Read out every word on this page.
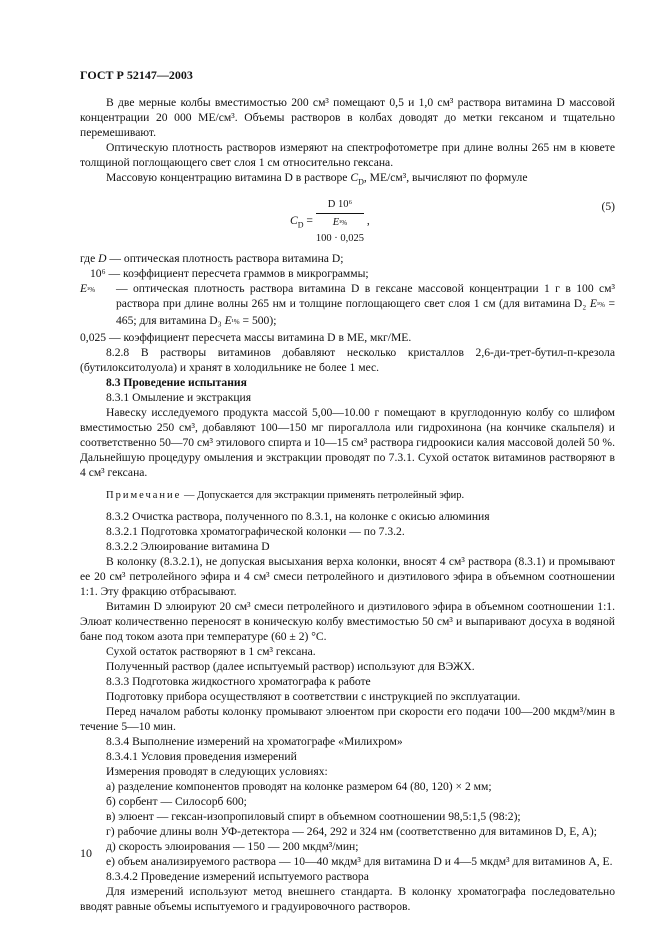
ГОСТ Р 52147—2003

В две мерные колбы вместимостью 200 см³ помещают 0,5 и 1,0 см³ раствора витамина D массовой концентрации 20 000 МЕ/см³. Объемы растворов в колбах доводят до метки гексаном и тщательно перемешивают.

Оптическую плотность растворов измеряют на спектрофотометре при длине волны 265 нм в кювете толщиной поглощающего свет слоя 1 см относительно гексана.

Массовую концентрацию витамина D в растворе $C_D$, МЕ/см³, вычисляют по формуле

$C_D$ =
D 10⁶
E¹%
100 · 0,025
,
(5)

где D — оптическая плотность раствора витамина D;

10⁶ — коэффициент пересчета граммов в микрограммы;

E¹% — оптическая плотность раствора витамина D в гексане массовой концентрации 1 г в 100 см³ раствора при длине волны 265 нм и толщине поглощающего свет слоя 1 см (для витамина D₂ E¹% = 465; для витамина D₃ E¹% = 500);

0,025 — коэффициент пересчета массы витамина D в МЕ, мкг/МЕ.

8.2.8 В растворы витаминов добавляют несколько кристаллов 2,6-ди-трет-бутил-п-крезола (бутилокситолуола) и хранят в холодильнике не более 1 мес.

8.3 Проведение испытания

8.3.1 Омыление и экстракция

Навеску исследуемого продукта массой 5,00—10.00 г помещают в круглодонную колбу со шлифом вместимостью 250 см³, добавляют 100—150 мг пирогаллола или гидрохинона (на кончике скальпеля) и соответственно 50—70 см³ этилового спирта и 10—15 см³ раствора гидроокиси калия массовой долей 50 %. Дальнейшую процедуру омыления и экстракции проводят по 7.3.1. Сухой остаток витаминов растворяют в 4 см³ гексана.

Примечание — Допускается для экстракции применять петролейный эфир.

8.3.2 Очистка раствора, полученного по 8.3.1, на колонке с окисью алюминия

8.3.2.1 Подготовка хроматографической колонки — по 7.3.2.

8.3.2.2 Элюирование витамина D

В колонку (8.3.2.1), не допуская высыхания верха колонки, вносят 4 см³ раствора (8.3.1) и промывают ее 20 см³ петролейного эфира и 4 см³ смеси петролейного и диэтилового эфира в объемном соотношении 1:1. Эту фракцию отбрасывают.

Витамин D элюируют 20 см³ смеси петролейного и диэтилового эфира в объемном соотношении 1:1. Элюат количественно переносят в коническую колбу вместимостью 50 см³ и выпаривают досуха в водяной бане под током азота при температуре (60 ± 2) °С.

Сухой остаток растворяют в 1 см³ гексана.

Полученный раствор (далее испытуемый раствор) используют для ВЭЖХ.

8.3.3 Подготовка жидкостного хроматографа к работе

Подготовку прибора осуществляют в соответствии с инструкцией по эксплуатации.

Перед началом работы колонку промывают элюентом при скорости его подачи 100—200 мкдм³/мин в течение 5—10 мин.

8.3.4 Выполнение измерений на хроматографе «Милихром»

8.3.4.1 Условия проведения измерений

Измерения проводят в следующих условиях:

а) разделение компонентов проводят на колонке размером 64 (80, 120) × 2 мм;

б) сорбент — Силосорб 600;

в) элюент — гексан-изопропиловый спирт в объемном соотношении 98,5:1,5 (98:2);

г) рабочие длины волн УФ-детектора — 264, 292 и 324 нм (соответственно для витаминов D, E, A);

д) скорость элюирования — 150 — 200 мкдм³/мин;

е) объем анализируемого раствора — 10—40 мкдм³ для витамина D и 4—5 мкдм³ для витаминов А, Е.

8.3.4.2 Проведение измерений испытуемого раствора

Для измерений используют метод внешнего стандарта. В колонку хроматографа последовательно вводят равные объемы испытуемого и градуировочного растворов.

10
